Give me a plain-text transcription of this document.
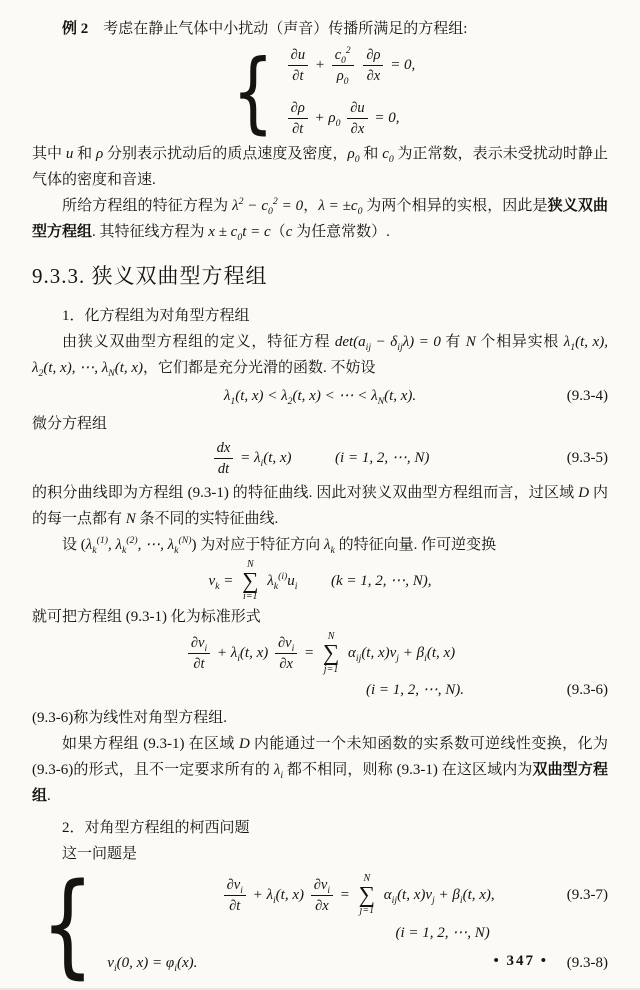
例 2　考虑在静止气体中小扰动（声音）传播所满足的方程组:

{ $\frac{\partial u}{\partial t} + \frac{c_0^2}{\rho_0}$
$\frac{\partial\rho}{\partial x} = 0$,
$\frac{\partial\rho}{\partial t} + \rho_0 \frac{\partial u}{\partial x} = 0$,

其中 u 和 ρ 分别表示扰动后的质点速度及密度，$\rho_0$ 和 $c_0$ 为正常数，表示未受扰动时静止气体的密度和音速.

所给方程组的特征方程为 $\lambda^2 - c_0^2 = 0$，$\lambda = \pm c_0$ 为两个相异的实根，因此是狭义双曲型方程组. 其特征线方程为 $x \pm c_0t = c(c$ 为任意常数）.

9.3.3. 狭义双曲型方程组

1．化方程组为对角型方程组

由狭义双曲型方程组的定义，特征方程 $\det(a_{ij} - \delta_{ij}\lambda) = 0$ 有 N 个相异实根 $\lambda_1(t$, x), $\lambda_2(t$, x), ⋯, $\lambda_N(t$, x)，它们都是充分光滑的函数. 不妨设

$\lambda_1(t$, $x) < \lambda_2(t$, x) < ⋯ < $\lambda_N(t$, x).	(9.3-4)

微分方程组

$\frac{dx}{dt} = \lambda_i(t$, x)	(i = 1, 2, ⋯, N)	(9.3-5)

的积分曲线即为方程组 (9.3-1) 的特征曲线. 因此对狭义双曲型方程组而言，过区域 D 内的每一点都有 N 条不同的实特征曲线.

设 ($\lambda_k^{(1)}$, $\lambda_k^{(2)}$, ⋯, $\lambda_k^{(N)}$) 为对应于特征方向 $\lambda_k$ 的特征向量. 作可逆变换

$v_k$ =
N
∑
i=1
$\lambda_k^{(i)}u_i$ (k = 1, 2, ⋯, N),

就可把方程组 (9.3-1) 化为标准形式

$\frac{\partial v_i}{\partial t} + \lambda_i(t$, $x) \frac{\partial v_i}{\partial x}$ =
N
∑
j=1
$\alpha_{ij}(t$, $x)v_j + \beta_i(t$, x)
(i = 1, 2, ⋯, N).	(9.3-6)

(9.3-6)称为线性对角型方程组.

如果方程组 (9.3-1) 在区域 D 内能通过一个未知函数的实系数可逆线性变换，化为(9.3-6)的形式，且不一定要求所有的 $\lambda_i$ 都不相同，则称 (9.3-1) 在这区域内为双曲型方程组.

2．对角型方程组的柯西问题

这一问题是

{	$\frac{\partial v_i}{\partial t} + \lambda_i(t$, $x) \frac{\partial v_i}{\partial x}$ =
N
∑
j=1
$\alpha_{ij}(t$, $x)v_j + \beta_i(t$, x),	(9.3-7)
(i = 1, 2, ⋯, N)
$v_i(0$, $x) = \varphi_i(x)$.	(9.3-8)
• 347 •
